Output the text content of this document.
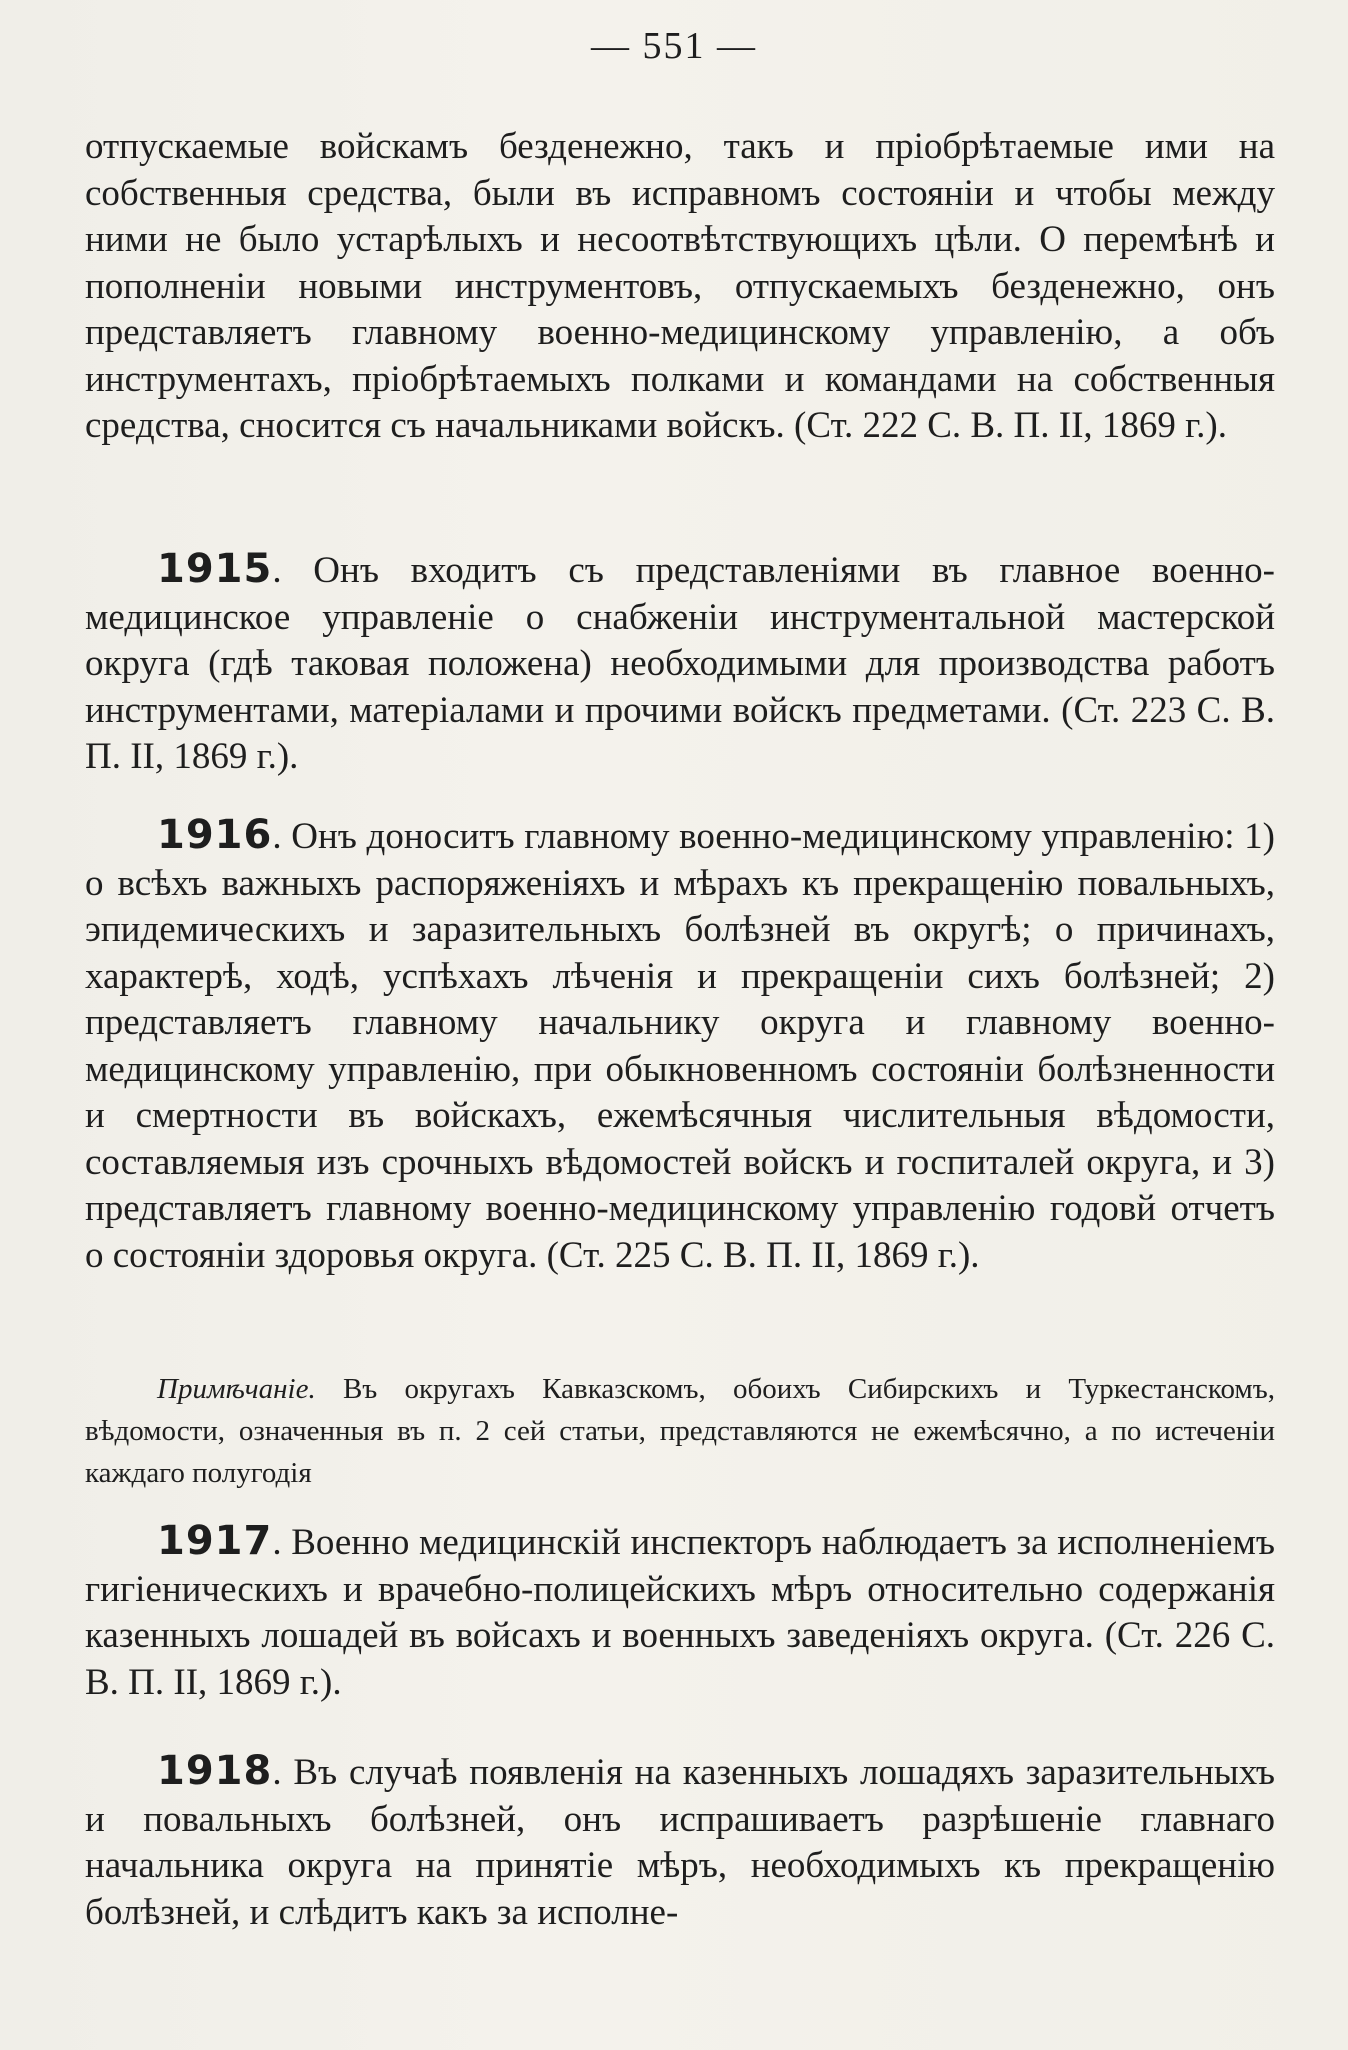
— 551 —

отпускаемые войскамъ безденежно, такъ и пріобрѣтаемые ими на собственныя средства, были въ исправномъ состояніи и чтобы между ними не было устарѣлыхъ и несоотвѣтствующихъ цѣли. О перемѣнѣ и пополненіи новыми инструментовъ, отпускаемыхъ безденежно, онъ представляетъ главному военно-медицинскому управленію, а объ инструментахъ, пріобрѣтаемыхъ полками и командами на собственныя средства, сносится съ начальниками войскъ. (Ст. 222 С. В. П. II, 1869 г.).

1915. Онъ входитъ съ представленіями въ главное военно-медицинское управленіе о снабженіи инструментальной мастерской округа (гдѣ таковая положена) необходимыми для производства работъ инструментами, матеріалами и прочими войскъ предметами. (Ст. 223 С. В. П. II, 1869 г.).

1916. Онъ доноситъ главному военно-медицинскому управленію: 1) о всѣхъ важныхъ распоряженіяхъ и мѣрахъ къ прекращенію повальныхъ, эпидемическихъ и заразительныхъ болѣзней въ округѣ; о причинахъ, характерѣ, ходѣ, успѣхахъ лѣченія и прекращеніи сихъ болѣзней; 2) представляетъ главному начальнику округа и главному военно-медицинскому управленію, при обыкновенномъ состояніи болѣзненности и смертности въ войскахъ, ежемѣсячныя числительныя вѣдомости, составляемыя изъ срочныхъ вѣдомостей войскъ и госпиталей округа, и 3) представляетъ главному военно-медицинскому управленію годовй отчетъ о состояніи здоровья округа. (Ст. 225 С. В. П. II, 1869 г.).

Примѣчаніе. Въ округахъ Кавказскомъ, обоихъ Сибирскихъ и Туркестанскомъ, вѣдомости, означенныя въ п. 2 сей статьи, представляются не ежемѣсячно, а по истеченіи каждаго полугодія

1917. Военно медицинскій инспекторъ наблюдаетъ за исполненіемъ гигіеническихъ и врачебно-полицейскихъ мѣръ относительно содержанія казенныхъ лошадей въ войсахъ и военныхъ заведеніяхъ округа. (Ст. 226 С. В. П. II, 1869 г.).

1918. Въ случаѣ появленія на казенныхъ лошадяхъ заразительныхъ и повальныхъ болѣзней, онъ испрашиваетъ разрѣшеніе главнаго начальника округа на принятіе мѣръ, необходимыхъ къ прекращенію болѣзней, и слѣдитъ какъ за исполне-
